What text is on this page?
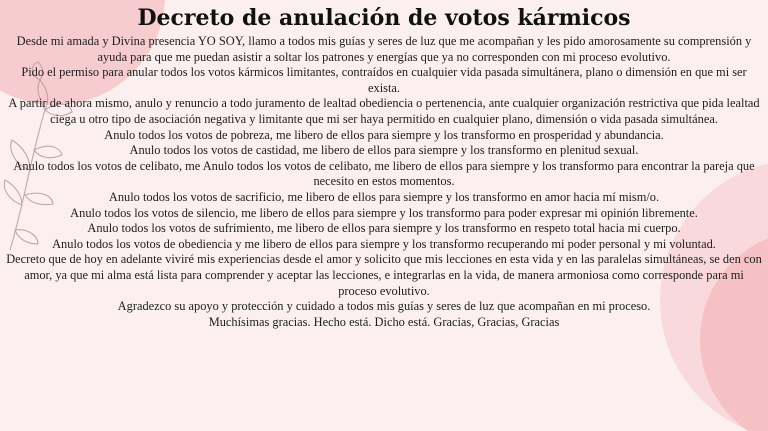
Decreto de anulación de votos kármicos

Desde mi amada y Divina presencia YO SOY, llamo a todos mis guías y seres de luz que me acompañan y les pido amorosamente su comprensión y ayuda para que me puedan asistir a soltar los patrones y energías que ya no corresponden con mi proceso evolutivo.

Pido el permiso para anular todos los votos kármicos limitantes, contraídos en cualquier vida pasada simultánera, plano o dimensión en que mi ser exista.

A partir de ahora mismo, anulo y renuncio a todo juramento de lealtad obediencia o pertenencia, ante cualquier organización restrictiva que pida lealtad ciega u otro tipo de asociación negativa y limitante que mi ser haya permitido en cualquier plano, dimensión o vida pasada simultánea.

Anulo todos los votos de pobreza, me libero de ellos para siempre y los transformo en prosperidad y abundancia.

Anulo todos los votos de castidad, me libero de ellos para siempre y los transformo en plenitud sexual.

Anulo todos los votos de celibato, me Anulo todos los votos de celibato, me libero de ellos para siempre y los transformo para encontrar la pareja que necesito en estos momentos.

Anulo todos los votos de sacrificio, me libero de ellos para siempre y los transformo en amor hacia mí mism/o.

Anulo todos los votos de silencio, me libero de ellos para siempre y los transformo para poder expresar mi opinión libremente.

Anulo todos los votos de sufrimiento, me libero de ellos para siempre y los transformo en respeto total hacia mi cuerpo.

Anulo todos los votos de obediencia y me libero de ellos para siempre y los transformo recuperando mi poder personal y mi voluntad.

Decreto que de hoy en adelante viviré mis experiencias desde el amor y solicito que mis lecciones en esta vida y en las paralelas simultáneas, se den con amor, ya que mi alma está lista para comprender y aceptar las lecciones, e integrarlas en la vida, de manera armoniosa como corresponde para mi proceso evolutivo.

Agradezco su apoyo y protección y cuidado a todos mis guías y seres de luz que acompañan en mi proceso.

Muchísimas gracias. Hecho está. Dicho está. Gracias, Gracias, Gracias
